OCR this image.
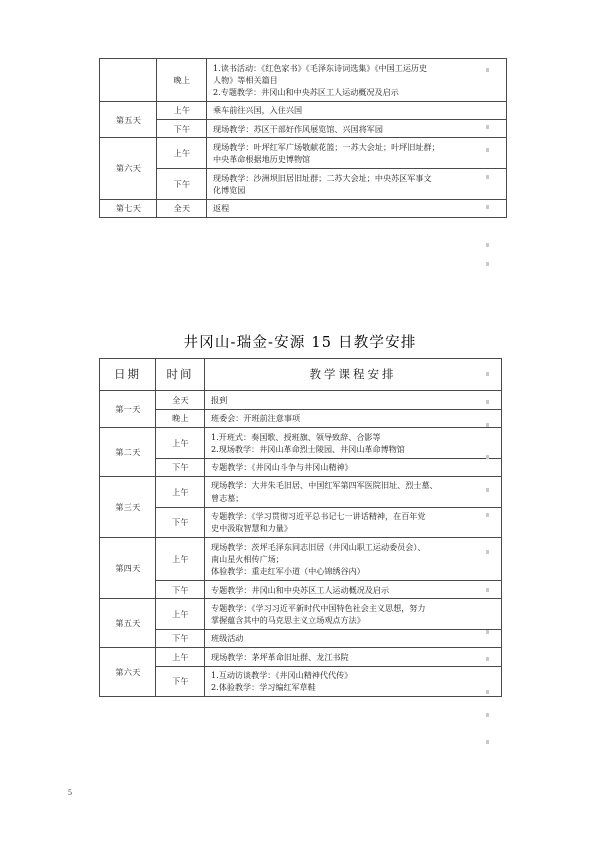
	晚上	1.读书活动：《红色家书》《毛泽东诗词选集》《中国工运历史
人物》等相关篇目
2.专题教学：井冈山和中央苏区工人运动概况及启示

第五天	上午	乘车前往兴国，入住兴国

	下午	现场教学：苏区干部好作风展览馆、兴国将军园

第六天	上午	现场教学：叶坪红军广场敬献花篮；一苏大会址；叶坪旧址群；
中央革命根据地历史博物馆

	下午	现场教学：沙洲坝旧居旧址群；二苏大会址；中央苏区军事文
化博览园

第七天	全天	返程
井冈山-瑞金-安源 15 日教学安排
日期	时间	教学课程安排
第一天	全天	报到

	晚上	班委会：开班前注意事项

第二天	上午	1.开班式：奏国歌、授班旗、领导致辞、合影等
2.现场教学：井冈山革命烈士陵园、井冈山革命博物馆

	下午	专题教学：《井冈山斗争与井冈山精神》

第三天	上午	现场教学：大井朱毛旧居、中国红军第四军医院旧址、烈士墓、
曾志墓；

	下午	专题教学：《学习贯彻习近平总书记七一讲话精神，在百年党
史中汲取智慧和力量》

第四天	上午	现场教学：茨坪毛泽东同志旧居（井冈山职工运动委员会）、
南山星火相传广场；
体验教学：重走红军小道（中心锦绣谷内）

	下午	专题教学：井冈山和中央苏区工人运动概况及启示

第五天	上午	专题教学：《学习习近平新时代中国特色社会主义思想，努力
掌握蕴含其中的马克思主义立场观点方法》

	下午	班级活动

第六天	上午	现场教学：茅坪革命旧址群、龙江书院

	下午	1.互动访谈教学：《井冈山精神代代传》
2.体验教学：学习编红军草鞋
5
